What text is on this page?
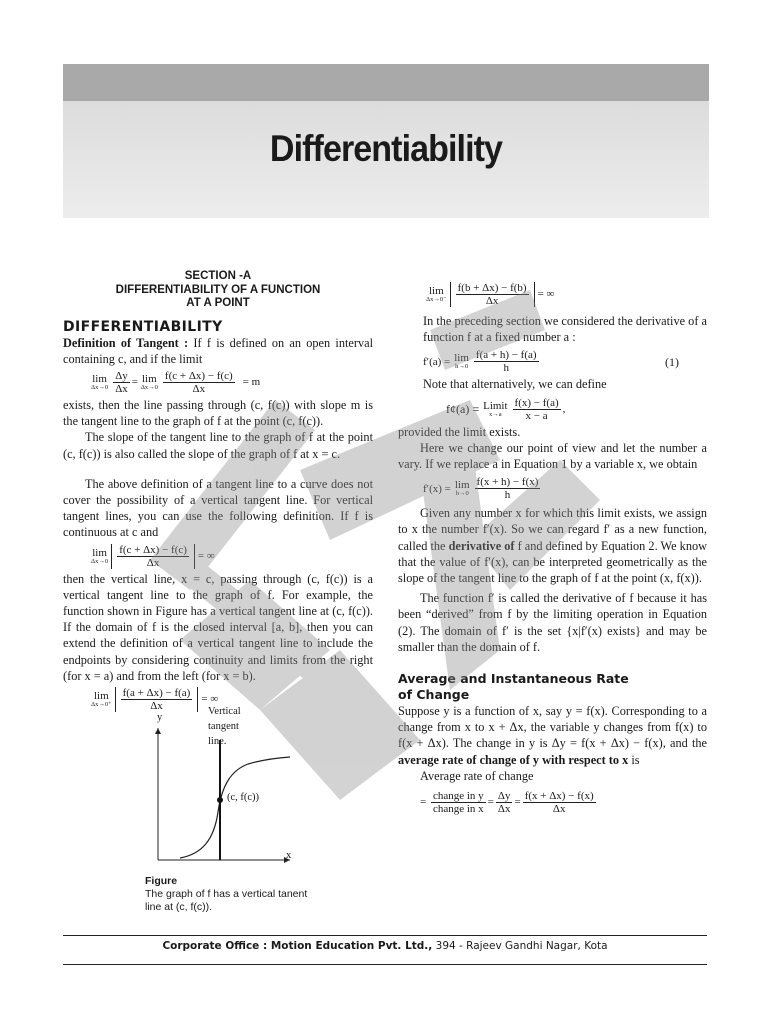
Differentiability
SECTION -A
DIFFERENTIABILITY OF A FUNCTION
AT A POINT
DIFFERENTIABILITY

Definition of Tangent : If f is defined on an open interval containing c, and if the limit

lim
$\Delta x\to 0 \frac{\Delta y}{\Delta x} = \lim$
$\Delta x\to 0 \frac{f(c + \Delta x) - f(c)}{\Delta x} = m$

exists, then the line passing through (c, f(c)) with slope m is the tangent line to the graph of f at the point (c, f(c)).

The slope of the tangent line to the graph of f at the point (c, f(c)) is also called the slope of the graph of f at x = c.

The above definition of a tangent line to a curve does not cover the possibility of a vertical tangent line. For vertical tangent lines, you can use the following definition. If f is continuous at c and

lim
$\Delta x\to 0 \frac{f(c + \Delta x) - f(c)}{\Delta x}$ = ∞

then the vertical line, x = c, passing through (c, f(c)) is a vertical tangent line to the graph of f. For example, the function shown in Figure has a vertical tangent line at (c, f(c)). If the domain of f is the closed interval [a, b], then you can extend the definition of a vertical tangent line to include the endpoints by considering continuity and limits from the right (for x = a) and from the left (for x = b).

lim
$\Delta x\to 0^+ \frac{f(a + \Delta x) - f(a)}{\Delta x}$ = ∞
y
x
Vertical
tangent
line.
(c, f(c))
Figure
The graph of f has a vertical tanent line at (c, f(c)).
lim
$\Delta x\to 0^- \frac{f(b + \Delta x) - f(b)}{\Delta x}$ = ∞

In the preceding section we considered the derivative of a function f at a fixed number a :

f′(a) = lim
$h\to 0 \frac{f(a + h) - f(a)}{h}$	(1)

Note that alternatively, we can define

f¢(a) = Limit
$x\to a \frac{f(x) - f(a)}{x - a}$ ,

provided the limit exists.

Here we change our point of view and let the number a vary. If we replace a in Equation 1 by a variable x, we obtain

f′(x) = lim
$h\to 0 \frac{f(x + h) - f(x)}{h}$

Given any number x for which this limit exists, we assign to x the number f′(x). So we can regard f′ as a new function, called the derivative of f and defined by Equation 2. We know that the value of f′(x), can be interpreted geometrically as the slope of the tangent line to the graph of f at the point (x, f(x)).

The function f′ is called the derivative of f because it has been “derived” from f by the limiting operation in Equation (2). The domain of f′ is the set {x|f′(x) exists} and may be smaller than the domain of f.

Average and Instantaneous Rate
of Change

Suppose y is a function of x, say y = f(x). Corresponding to a change from x to x + Δx, the variable y changes from f(x) to f(x + Δx). The change in y is Δy = f(x + Δx) − f(x), and the average rate of change of y with respect to x is

Average rate of change

= $\frac{\text{change in y}}{\text{change in x}} = \frac{\Delta y}{\Delta x} = \frac{f(x + \Delta x) - f(x)}{\Delta x}$
Corporate Office : Motion Education Pvt. Ltd., 394 - Rajeev Gandhi Nagar, Kota
